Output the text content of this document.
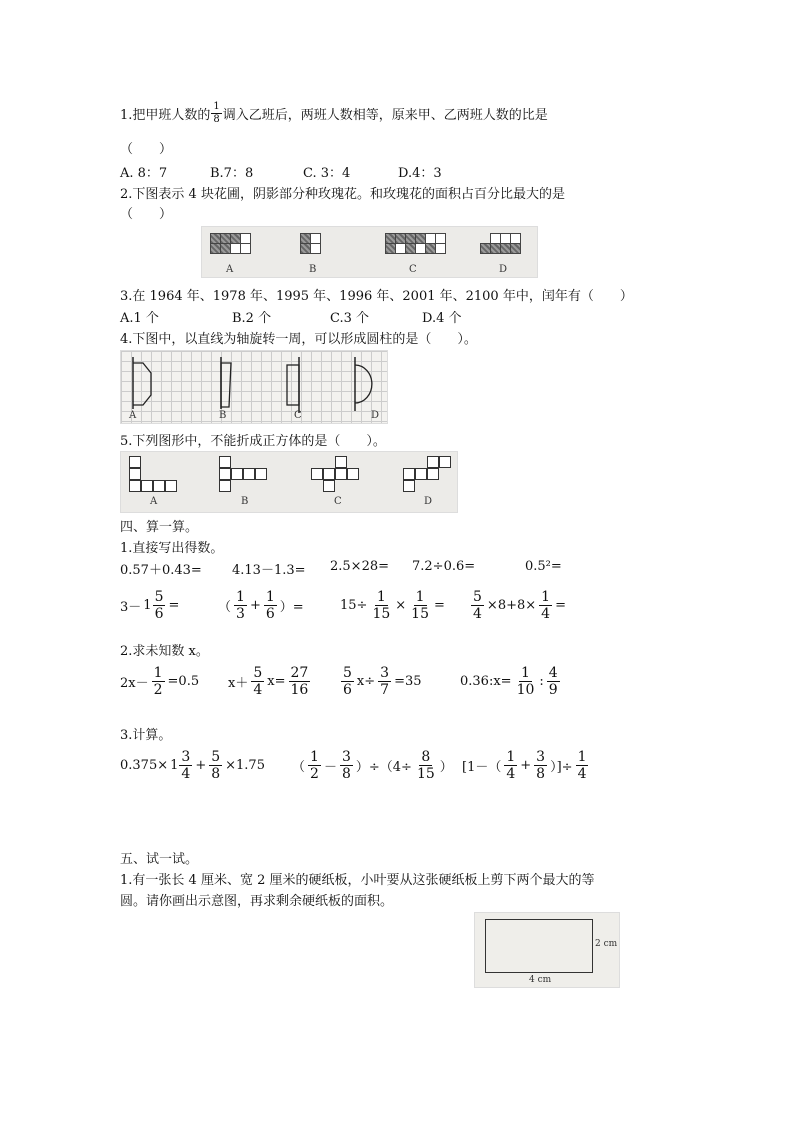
1.把甲班人数的 $\frac{1}{8}$ 调入乙班后，两班人数相等，原来甲、乙两班人数的比是
（　　）
A. 8：7	B.7：8	C. 3：4	D.4：3
2.下图表示 4 块花圃，阴影部分种玫瑰花。和玫瑰花的面积占百分比最大的是
（　　）
A	B	C	D
3.在 1964 年、1978 年、1995 年、1996 年、2001 年、2100 年中，闰年有（　　）
A.1 个	B.2 个	C.3 个	D.4 个
4.下图中，以直线为轴旋转一周，可以形成圆柱的是（　　）。
A	B	C	D
5.下列图形中，不能折成正方体的是（　　）。
A	B	C	D
四、算一算。
1.直接写出得数。
0.57＋0.43= 4.13－1.3= 2.5×28= 7.2÷0.6=	0.5²=
$3- 1 \frac{5}{6}$ =	（ $\frac{1}{3} + \frac{1}{6}$ ）=	$15\div \frac{1}{15} \times \frac{1}{15} = \frac{5}{4} \times 8+8\times \frac{1}{4}$ =
2.求未知数 x。
$2x- \frac{1}{2} =0.5$ $x+ \frac{5}{4} x= \frac{27}{16} \frac{5}{6} x\div \frac{3}{7} =35$	0.36:x= $\frac{1}{10}$ : $\frac{4}{9}$
3.计算。
$0.375\times 1 \frac{3}{4} + \frac{5}{8} \times 1.75$ （ $\frac{1}{2} - \frac{3}{8} )\div(4\div \frac{8}{15}$ ） [$1-( \frac{1}{4} + \frac{3}{8}$ ）]÷ $\frac{1}{4}$
五、试一试。
1.有一张长 4 厘米、宽 2 厘米的硬纸板，小叶要从这张硬纸板上剪下两个最大的等
圆。请你画出示意图，再求剩余硬纸板的面积。
4 cm
2 cm
